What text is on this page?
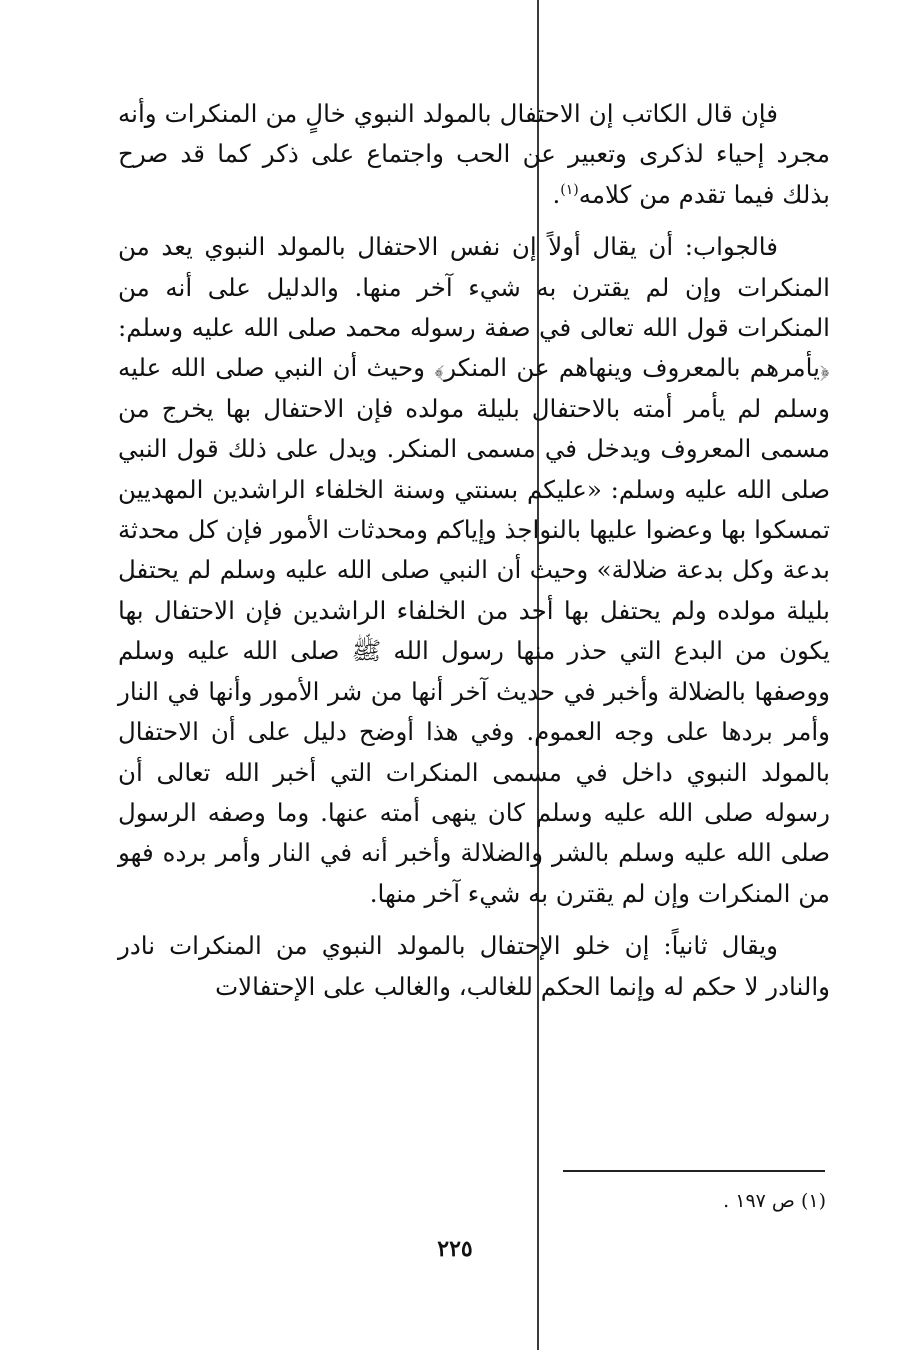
فإن قال الكاتب إن الاحتفال بالمولد النبوي خالٍ من المنكرات وأنه مجرد إحياء لذكرى وتعبير عن الحب واجتماع على ذكر كما قد صرح بذلك فيما تقدم من كلامه$^{(١)}$.

فالجواب: أن يقال أولاً إن نفس الاحتفال بالمولد النبوي يعد من المنكرات وإن لم يقترن به شيء آخر منها. والدليل على أنه من المنكرات قول الله تعالى في صفة رسوله محمد صلى الله عليه وسلم: ﴿يأمرهم بالمعروف وينهاهم عن المنكر﴾ وحيث أن النبي صلى الله عليه وسلم لم يأمر أمته بالاحتفال بليلة مولده فإن الاحتفال بها يخرج من مسمى المعروف ويدخل في مسمى المنكر. ويدل على ذلك قول النبي صلى الله عليه وسلم: «عليكم بسنتي وسنة الخلفاء الراشدين المهديين تمسكوا بها وعضوا عليها بالنواجذ وإياكم ومحدثات الأمور فإن كل محدثة بدعة وكل بدعة ضلالة» وحيث أن النبي صلى الله عليه وسلم لم يحتفل بليلة مولده ولم يحتفل بها أحد من الخلفاء الراشدين فإن الاحتفال بها يكون من البدع التي حذر منها رسول الله ﷺ صلى الله عليه وسلم ووصفها بالضلالة وأخبر في حديث آخر أنها من شر الأمور وأنها في النار وأمر بردها على وجه العموم. وفي هذا أوضح دليل على أن الاحتفال بالمولد النبوي داخل في مسمى المنكرات التي أخبر الله تعالى أن رسوله صلى الله عليه وسلم كان ينهى أمته عنها. وما وصفه الرسول صلى الله عليه وسلم بالشر والضلالة وأخبر أنه في النار وأمر برده فهو من المنكرات وإن لم يقترن به شيء آخر منها.

ويقال ثانياً: إن خلو الإحتفال بالمولد النبوي من المنكرات نادر والنادر لا حكم له وإنما الحكم للغالب، والغالب على الإحتفالات

(١) ص ١٩٧ .
٢٢٥
